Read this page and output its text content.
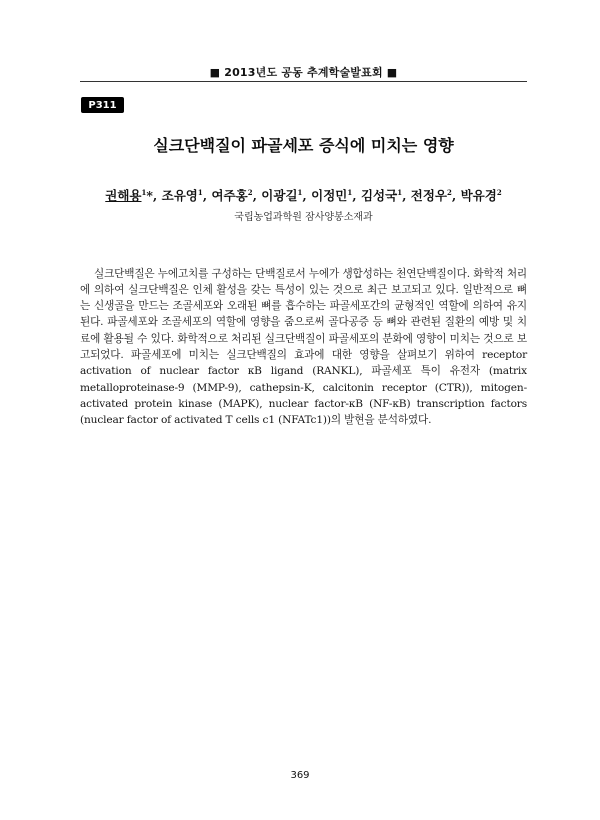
■ 2013년도 공동 추계학술발표회 ■
P311
실크단백질이 파골세포 증식에 미치는 영향
권해용$^1$*, 조유영$^1$, 여주홍$^2$, 이광길$^1$, 이정민$^1$, 김성국$^1$, 전정우$^2$, 박유경$^2$
국립농업과학원 잠사양봉소재과

실크단백질은 누에고치를 구성하는 단백질로서 누에가 생합성하는 천연단백질이다. 화학적 처리에 의하여 실크단백질은 인체 활성을 갖는 특성이 있는 것으로 최근 보고되고 있다. 일반적으로 뼈는 신생골을 만드는 조골세포와 오래된 뼈를 흡수하는 파골세포간의 균형적인 역할에 의하여 유지된다. 파골세포와 조골세포의 역할에 영향을 줌으로써 골다공증 등 뼈와 관련된 질환의 예방 및 치료에 활용될 수 있다. 화학적으로 처리된 실크단백질이 파골세포의 분화에 영향이 미치는 것으로 보고되었다. 파골세포에 미치는 실크단백질의 효과에 대한 영향을 살펴보기 위하여 receptor activation of nuclear factor κB ligand (RANKL), 파골세포 특이 유전자 (matrix metalloproteinase-9 (MMP-9), cathepsin-K, calcitonin receptor (CTR)), mitogen-activated protein kinase (MAPK), nuclear factor-κB (NF-κB) transcription factors (nuclear factor of activated T cells c1 (NFATc1))의 발현을 분석하였다.

369
